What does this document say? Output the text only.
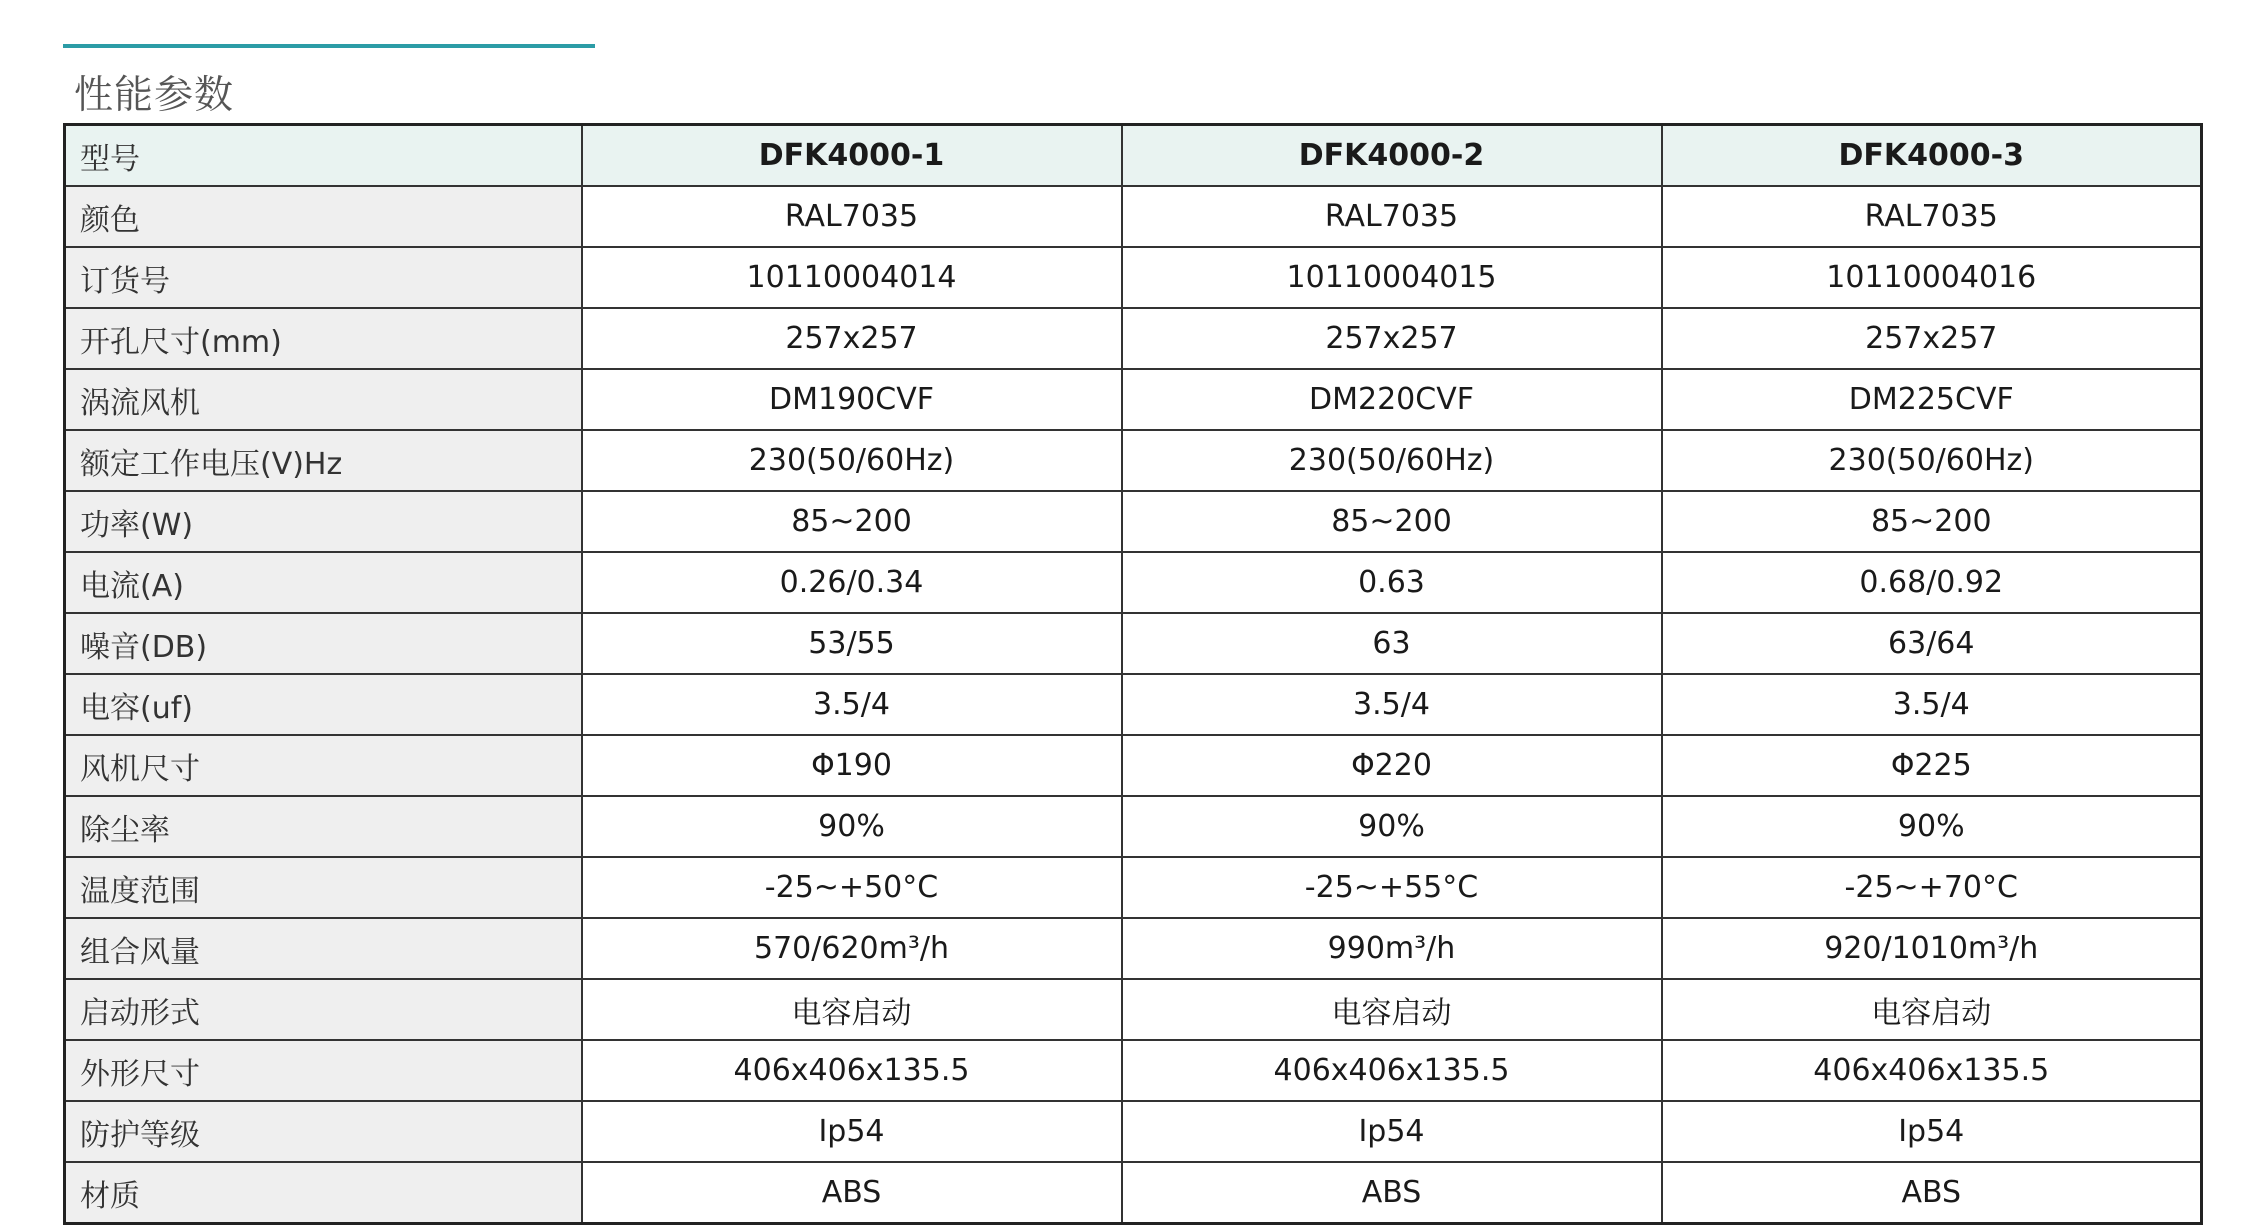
性能参数
型号	DFK4000-1	DFK4000-2	DFK4000-3
颜色	RAL7035	RAL7035	RAL7035
订货号	10110004014	10110004015	10110004016
开孔尺寸(mm)	257x257	257x257	257x257
涡流风机	DM190CVF	DM220CVF	DM225CVF
额定工作电压(V)Hz	230(50/60Hz)	230(50/60Hz)	230(50/60Hz)
功率(W)	85~200	85~200	85~200
电流(A)	0.26/0.34	0.63	0.68/0.92
噪音(DB)	53/55	63	63/64
电容(uf)	3.5/4	3.5/4	3.5/4
风机尺寸	Φ190	Φ220	Φ225
除尘率	90%	90%	90%
温度范围	-25~+50°C	-25~+55°C	-25~+70°C
组合风量	570/620m³/h	990m³/h	920/1010m³/h
启动形式	电容启动	电容启动	电容启动
外形尺寸	406x406x135.5	406x406x135.5	406x406x135.5
防护等级	Ip54	Ip54	Ip54
材质	ABS	ABS	ABS
